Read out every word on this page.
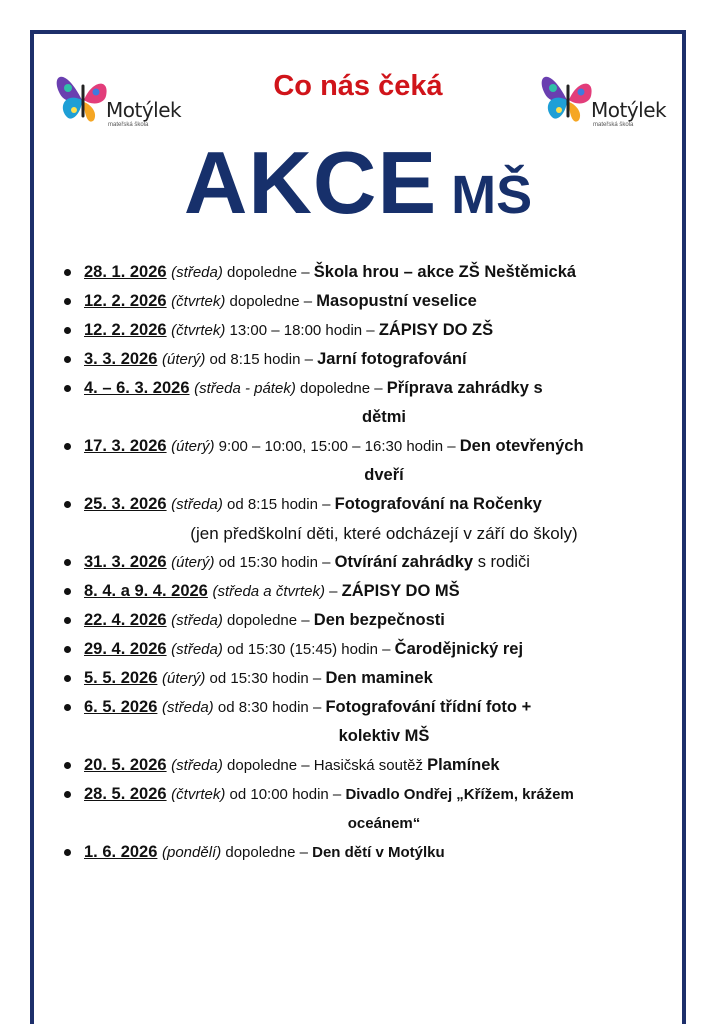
Motýlek
mateřská škola
Motýlek
mateřská škola
Co nás čeká
AKCE MŠ
28. 1. 2026 (středa) dopoledne – Škola hrou – akce ZŠ Neštěmická
12. 2. 2026 (čtvrtek) dopoledne – Masopustní veselice
12. 2. 2026 (čtvrtek) 13:00 – 18:00 hodin – ZÁPISY DO ZŠ
3. 3. 2026 (úterý) od 8:15 hodin – Jarní fotografování
4. – 6. 3. 2026 (středa - pátek) dopoledne – Příprava zahrádky s
dětmi
17. 3. 2026 (úterý) 9:00 – 10:00, 15:00 – 16:30 hodin – Den otevřených
dveří
25. 3. 2026 (středa) od 8:15 hodin – Fotografování na Ročenky
(jen předškolní děti, které odcházejí v září do školy)
31. 3. 2026 (úterý) od 15:30 hodin – Otvírání zahrádky s rodiči
8. 4. a 9. 4. 2026 (středa a čtvrtek) – ZÁPISY DO MŠ
22. 4. 2026 (středa) dopoledne – Den bezpečnosti
29. 4. 2026 (středa) od 15:30 (15:45) hodin – Čarodějnický rej
5. 5. 2026 (úterý) od 15:30 hodin – Den maminek
6. 5. 2026 (středa) od 8:30 hodin – Fotografování třídní foto +
kolektiv MŠ
20. 5. 2026 (středa) dopoledne – Hasičská soutěž Plamínek
28. 5. 2026 (čtvrtek) od 10:00 hodin – Divadlo Ondřej „Křížem, krážem
oceánem“
1. 6. 2026 (pondělí) dopoledne – Den dětí v Motýlku
